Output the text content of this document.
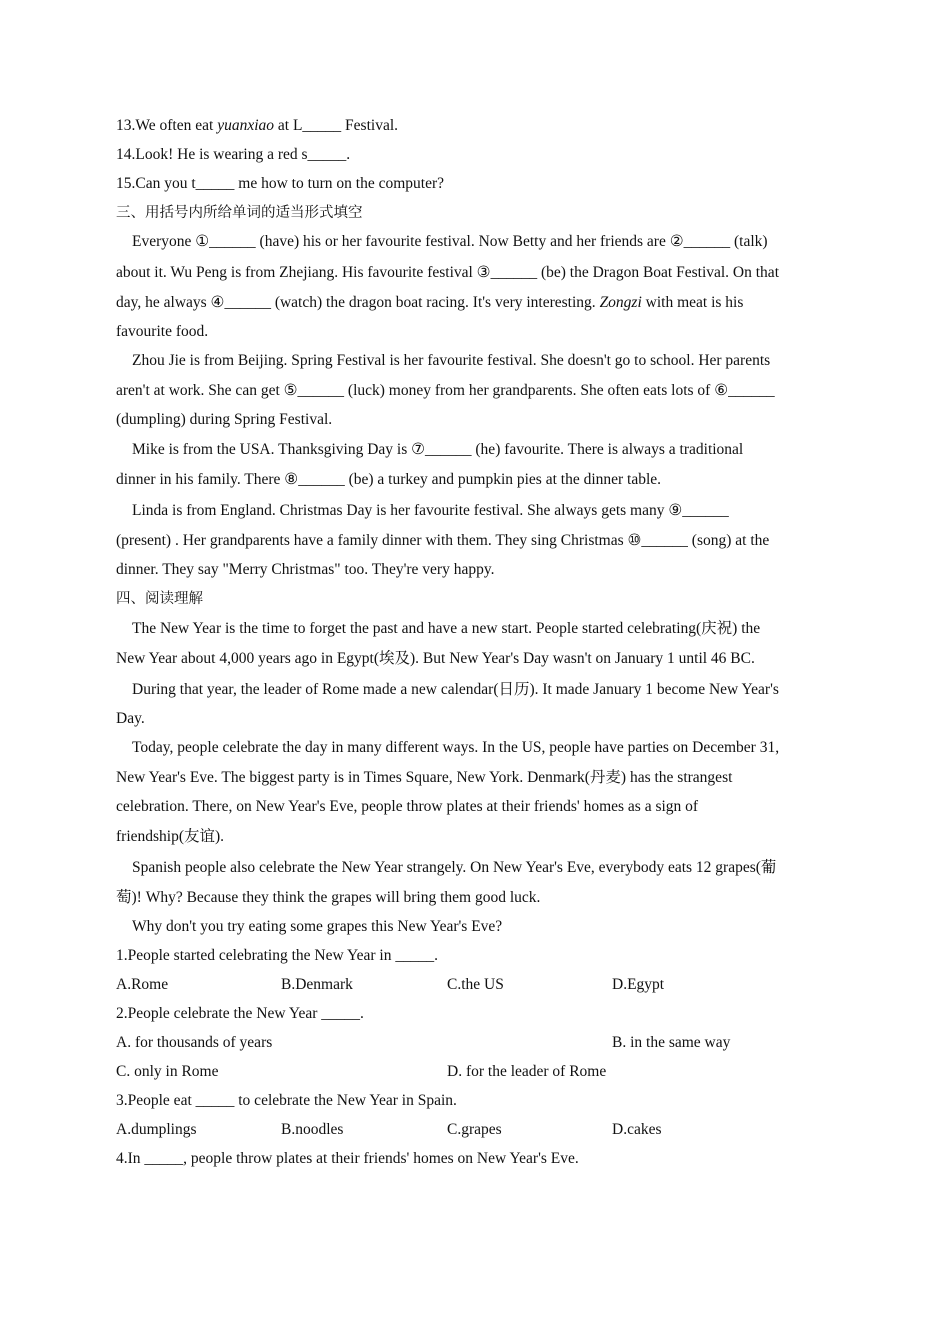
13.We often eat yuanxiao at L_____ Festival.
14.Look! He is wearing a red s_____.
15.Can you t_____ me how to turn on the computer?
三、用括号内所给单词的适当形式填空
Everyone ①______ (have) his or her favourite festival. Now Betty and her friends are ②______ (talk)
about it. Wu Peng is from Zhejiang. His favourite festival ③______ (be) the Dragon Boat Festival. On that
day, he always ④______ (watch) the dragon boat racing. It's very interesting. Zongzi with meat is his
favourite food.
Zhou Jie is from Beijing. Spring Festival is her favourite festival. She doesn't go to school. Her parents
aren't at work. She can get ⑤______ (luck) money from her grandparents. She often eats lots of ⑥______
(dumpling) during Spring Festival.
Mike is from the USA. Thanksgiving Day is ⑦______ (he) favourite. There is always a traditional
dinner in his family. There ⑧______ (be) a turkey and pumpkin pies at the dinner table.
Linda is from England. Christmas Day is her favourite festival. She always gets many ⑨______
(present) . Her grandparents have a family dinner with them. They sing Christmas ⑩______ (song) at the
dinner. They say "Merry Christmas" too. They're very happy.
四、阅读理解
The New Year is the time to forget the past and have a new start. People started celebrating(庆祝) the
New Year about 4,000 years ago in Egypt(埃及). But New Year's Day wasn't on January 1 until 46 BC.
During that year, the leader of Rome made a new calendar(日历). It made January 1 become New Year's
Day.
Today, people celebrate the day in many different ways. In the US, people have parties on December 31,
New Year's Eve. The biggest party is in Times Square, New York. Denmark(丹麦) has the strangest
celebration. There, on New Year's Eve, people throw plates at their friends' homes as a sign of
friendship(友谊).
Spanish people also celebrate the New Year strangely. On New Year's Eve, everybody eats 12 grapes(葡
萄)! Why? Because they think the grapes will bring them good luck.
Why don't you try eating some grapes this New Year's Eve?
1.People started celebrating the New Year in _____.
A.Rome	B.Denmark	C.the US	D.Egypt
2.People celebrate the New Year _____.
A. for thousands of years	B. in the same way
C. only in Rome	D. for the leader of Rome
3.People eat _____ to celebrate the New Year in Spain.
A.dumplings	B.noodles	C.grapes	D.cakes
4.In _____, people throw plates at their friends' homes on New Year's Eve.
